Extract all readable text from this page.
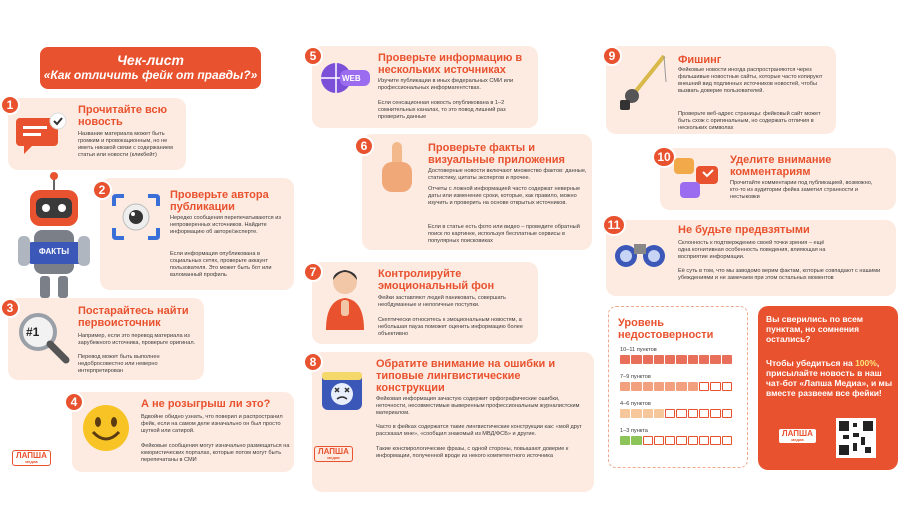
Чек-лист
«Как отличить фейк от правды?»
1	Прочитайте всю новость
Название материала может быть громким и провокационным, но не иметь никакой связи с содержанием статьи или новости (кликбейт)
ФАКТЫ
2	Проверьте автора публикации
Нередко сообщения перепечатываются из непроверенных источников. Найдите информацию об авторе/эксперте.
Если информация опубликована в социальных сетях, проверьте аккаунт пользователя. Это может быть бот или взломанный профиль
3
#1
Постарайтесь найти первоисточник
Например, если это перевод материала из зарубежного источника, проверьте оригинал.
Перевод может быть выполнен недобросовестно или неверно интерпретирован
4	А не розыгрыш ли это?
Вдвойне обидно узнать, что поверил и распространил фейк, если на самом деле изначально он был просто шуткой или сатирой.
Фейковые сообщения могут изначально размещаться на юмористических порталах, которые потом могут быть перепечатаны в СМИ
ЛАПША
медиа
5
WEB
Проверьте информацию в нескольких источниках
Изучите публикации в иных федеральных СМИ или профессиональных информагентствах.
Если сенсационная новость опубликована в 1–2 сомнительных каналах, то это повод лишний раз проверить данные
6	Проверьте факты и визуальные приложения
Достоверные новости включают множество фактов: данные, статистику, цитаты экспертов и прочее.
Отчеты с ложной информацией часто содержат неверные даты или изменение сроки, которые, как правило, можно изучить и проверить на основе открытых источников.
Если в статье есть фото или видео – проведите обратный поиск по картинке, используя бесплатные сервисы в популярных поисковиках
7	Контролируйте эмоциональный фон
Фейки заставляют людей паниковать, совершать необдуманные и нелогичные поступки.
Скептически относитесь к эмоциональным новостям, а небольшая пауза поможет оценить информацию более объективно
8	Обратите внимание на ошибки и типовые лингвистические конструкции
Фейковая информация зачастую содержит орфографические ошибки, неточности, несовместимые выверенным профессиональным журналистским материалом.
Часто в фейках содержатся такие лингвистические конструкции как: «мой друг рассказал мне», «сообщил знакомый из МВД/ФСБ» и другие.
Такие конспирологические фразы, с одной стороны, повышают доверие к информации, полученной вроде из некого компетентного источника
ЛАПША
медиа
9	Фишинг
Фейковые новости иногда распространяются через фальшивые новостные сайты, которые часто копируют внешний вид подлинных источников новостей, чтобы вызвать доверие пользователей.
Проверьте веб-адрес страницы: фейковый сайт может быть схож с оригинальным, но содержать отличия в нескольких символах
10	Уделите внимание комментариям
Прочитайте комментарии под публикацией, возможно, кто-то из аудитории фейка заметил странности и нестыковки
11	Не будьте предвзятыми
Склонность к подтверждению своей точки зрения – ещё одна когнитивная особенность поведения, влияющая на восприятие информации.
Её суть в том, что мы заводомо верим фактам, которые совпадают с нашими убеждениями и не замечаем при этом остальных моментов
Уровень недостоверности
10–11 пунктов
7–9 пунктов
4–6 пунктов
1–3 пункта
Вы сверились по всем пунктам, но сомнения остались?
Чтобы убедиться на 100%, присылайте новость в наш чат-бот «Лапша Медиа», и мы вместе развеем все фейки!
ЛАПША
медиа
